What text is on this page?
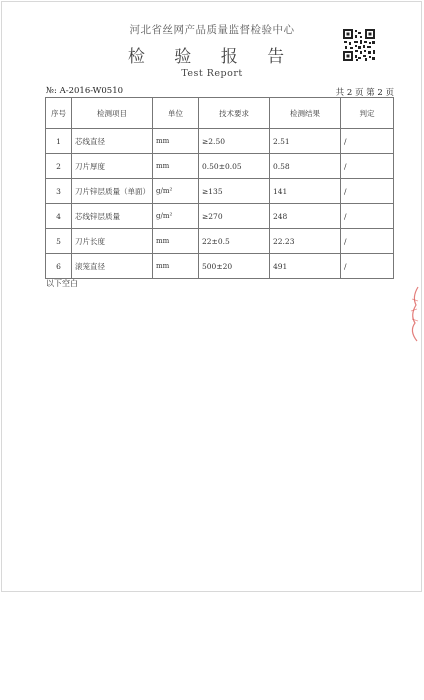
河北省丝网产品质量监督检验中心
检 验 报 告
Test Report
№: A-2016-W0510	共 2 页 第 2 页
序号	检测项目	单位	技术要求	检测结果	判定
1	芯线直径	mm	≥2.50	2.51	/
2	刀片厚度	mm	0.50±0.05	0.58	/
3	刀片锌层质量（单面）	g/m²	≥135	141	/
4	芯线锌层质量	g/m²	≥270	248	/
5	刀片长度	mm	22±0.5	22.23	/
6	滚笼直径	mm	500±20	491	/
以下空白
